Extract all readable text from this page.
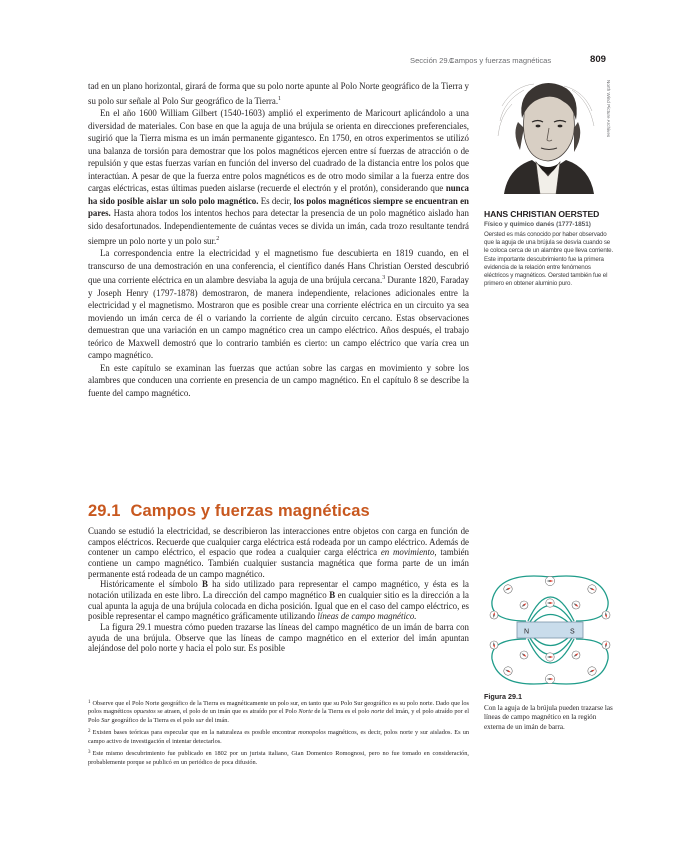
Sección 29.1
Campos y fuerzas magnéticas	809

tad en un plano horizontal, girará de forma que su polo norte apunte al Polo Norte geográfico de la Tierra y su polo sur señale al Polo Sur geográfico de la Tierra.$^1$

En el año 1600 William Gilbert (1540-1603) amplió el experimento de Maricourt aplicándolo a una diversidad de materiales. Con base en que la aguja de una brújula se orienta en direcciones preferenciales, sugirió que la Tierra misma es un imán permanente gigantesco. En 1750, en otros experimentos se utilizó una balanza de torsión para demostrar que los polos magnéticos ejercen entre sí fuerzas de atracción o de repulsión y que estas fuerzas varían en función del inverso del cuadrado de la distancia entre los polos que interactúan. A pesar de que la fuerza entre polos magnéticos es de otro modo similar a la fuerza entre dos cargas eléctricas, estas últimas pueden aislarse (recuerde el electrón y el protón), considerando que nunca ha sido posible aislar un solo polo magnético. Es decir, los polos magnéticos siempre se encuentran en pares. Hasta ahora todos los intentos hechos para detectar la presencia de un polo magnético aislado han sido desafortunados. Independientemente de cuántas veces se divida un imán, cada trozo resultante tendrá siempre un polo norte y un polo sur.$^2$

La correspondencia entre la electricidad y el magnetismo fue descubierta en 1819 cuando, en el transcurso de una demostración en una conferencia, el científico danés Hans Christian Oersted descubrió que una corriente eléctrica en un alambre desviaba la aguja de una brújula cercana.$^3$ Durante 1820, Faraday y Joseph Henry (1797-1878) demostraron, de manera independiente, relaciones adicionales entre la electricidad y el magnetismo. Mostraron que es posible crear una corriente eléctrica en un circuito ya sea moviendo un imán cerca de él o variando la corriente de algún circuito cercano. Estas observaciones demuestran que una variación en un campo magnético crea un campo eléctrico. Años después, el trabajo teórico de Maxwell demostró que lo contrario también es cierto: un campo eléctrico que varía crea un campo magnético.

En este capítulo se examinan las fuerzas que actúan sobre las cargas en movimiento y sobre los alambres que conducen una corriente en presencia de un campo magnético. En el capítulo 8 se describe la fuente del campo magnético.

29.1 Campos y fuerzas magnéticas

Cuando se estudió la electricidad, se describieron las interacciones entre objetos con carga en función de campos eléctricos. Recuerde que cualquier carga eléctrica está rodeada por un campo eléctrico. Además de contener un campo eléctrico, el espacio que rodea a cualquier carga eléctrica en movimiento, también contiene un campo magnético. También cualquier sustancia magnética que forma parte de un imán permanente está rodeada de un campo magnético.

Históricamente el símbolo B ha sido utilizado para representar el campo magnético, y ésta es la notación utilizada en este libro. La dirección del campo magnético B en cualquier sitio es la dirección a la cual apunta la aguja de una brújula colocada en dicha posición. Igual que en el caso del campo eléctrico, es posible representar el campo magnético gráficamente utilizando líneas de campo magnético.

La figura 29.1 muestra cómo pueden trazarse las líneas del campo magnético de un imán de barra con ayuda de una brújula. Observe que las líneas de campo magnético en el exterior del imán apuntan alejándose del polo norte y hacia el polo sur. Es posible

$^1$ Observe que el Polo Norte geográfico de la Tierra es magnéticamente un polo sur, en tanto que su Polo Sur geográfico es su polo norte. Dado que los polos magnéticos opuestos se atraen, el polo de un imán que es atraído por el Polo Norte de la Tierra es el polo norte del imán, y el polo atraído por el Polo Sur geográfico de la Tierra es el polo sur del imán.

$^2$ Existen bases teóricas para especular que en la naturaleza es posible encontrar monopolos magnéticos, es decir, polos norte y sur aislados. Es un campo activo de investigación el intentar detectarlos.

$^3$ Este mismo descubrimiento fue publicado en 1802 por un jurista italiano, Gian Domenico Romognosi, pero no fue tomado en consideración, probablemente porque se publicó en un periódico de poca difusión.

North Wind Picture Archives
HANS CHRISTIAN OERSTED
Físico y químico danés (1777-1851)
Oersted es más conocido por haber observado que la aguja de una brújula se desvía cuando se le coloca cerca de un alambre que lleva corriente. Este importante descubrimiento fue la primera evidencia de la relación entre fenómenos eléctricos y magnéticos. Oersted también fue el primero en obtener aluminio puro.
N	S
Figura 29.1
Con la aguja de la brújula pueden trazarse las líneas de campo magnético en la región externa de un imán de barra.
